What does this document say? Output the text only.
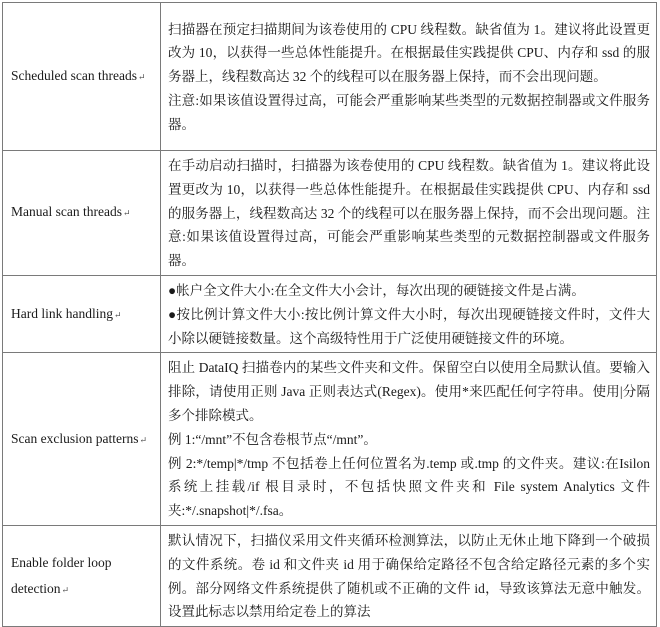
Scheduled scan threads↵	扫描器在预定扫描期间为该卷使用的 CPU 线程数。缺省值为 1。建议将此设置更改为 10，以获得一些总体性能提升。在根据最佳实践提供 CPU、内存和 ssd 的服务器上，线程数高达 32 个的线程可以在服务器上保持，而不会出现问题。
注意:如果该值设置得过高，可能会严重影响某些类型的元数据控制器或文件服务器。

Manual scan threads↵	在手动启动扫描时，扫描器为该卷使用的 CPU 线程数。缺省值为 1。建议将此设置更改为 10，以获得一些总体性能提升。在根据最佳实践提供 CPU、内存和 ssd 的服务器上，线程数高达 32 个的线程可以在服务器上保持，而不会出现问题。注意:如果该值设置得过高，可能会严重影响某些类型的元数据控制器或文件服务器。

Hard link handling↵	●帐户全文件大小:在全文件大小会计，每次出现的硬链接文件是占满。
●按比例计算文件大小:按比例计算文件大小时，每次出现硬链接文件时，文件大小除以硬链接数量。这个高级特性用于广泛使用硬链接文件的环境。

Scan exclusion patterns↵	阻止 DataIQ 扫描卷内的某些文件夹和文件。保留空白以使用全局默认值。要输入排除，请使用正则 Java 正则表达式(Regex)。使用*来匹配任何字符串。使用|分隔多个排除模式。
例 1:“/mnt”不包含卷根节点“/mnt”。
例 2:*/temp|*/tmp 不包括卷上任何位置名为.temp 或.tmp 的文件夹。建议:在Isilon 系统上挂载/if 根目录时，不包括快照文件夹和 File system Analytics 文件夹:*/.snapshot|*/.fsa。

Enable folder loop detection↵	默认情况下，扫描仪采用文件夹循环检测算法，以防止无休止地下降到一个破损的文件系统。卷 id 和文件夹 id 用于确保给定路径不包含给定路径元素的多个实例。部分网络文件系统提供了随机或不正确的文件 id，导致该算法无意中触发。设置此标志以禁用给定卷上的算法
